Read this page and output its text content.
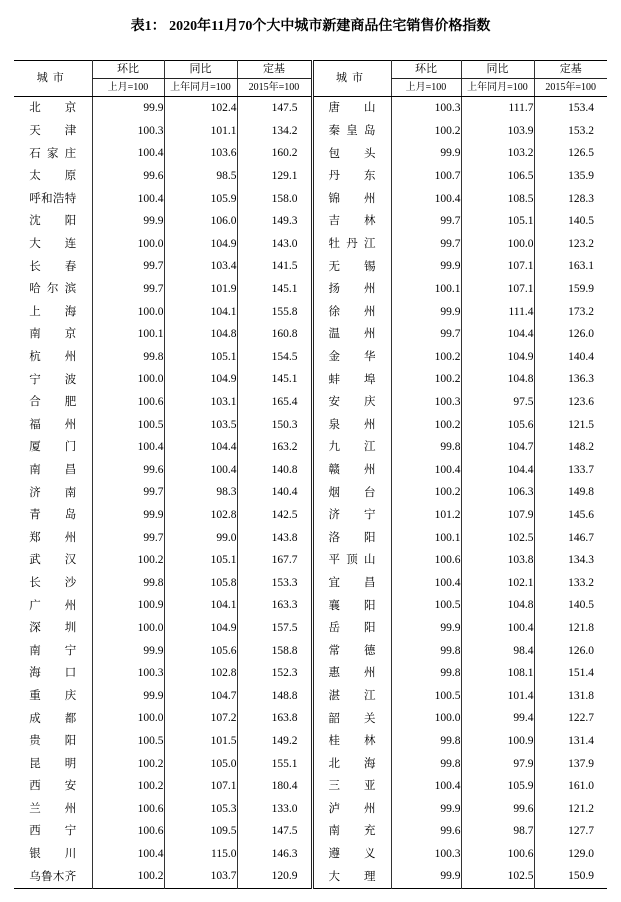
表1： 2020年11月70个大中城市新建商品住宅销售价格指数
城市	环比	同比	定基	城市	环比	同比	定基
	上月=100	上年同月=100	2015年=100		上月=100	上年同月=100	2015年=100
北京	99.9	102.4	147.5	唐山	100.3	111.7	153.4
天津	100.3	101.1	134.2	秦皇岛	100.2	103.9	153.2
石家庄	100.4	103.6	160.2	包头	99.9	103.2	126.5
太原	99.6	98.5	129.1	丹东	100.7	106.5	135.9
呼和浩特	100.4	105.9	158.0	锦州	100.4	108.5	128.3
沈阳	99.9	106.0	149.3	吉林	99.7	105.1	140.5
大连	100.0	104.9	143.0	牡丹江	99.7	100.0	123.2
长春	99.7	103.4	141.5	无锡	99.9	107.1	163.1
哈尔滨	99.7	101.9	145.1	扬州	100.1	107.1	159.9
上海	100.0	104.1	155.8	徐州	99.9	111.4	173.2
南京	100.1	104.8	160.8	温州	99.7	104.4	126.0
杭州	99.8	105.1	154.5	金华	100.2	104.9	140.4
宁波	100.0	104.9	145.1	蚌埠	100.2	104.8	136.3
合肥	100.6	103.1	165.4	安庆	100.3	97.5	123.6
福州	100.5	103.5	150.3	泉州	100.2	105.6	121.5
厦门	100.4	104.4	163.2	九江	99.8	104.7	148.2
南昌	99.6	100.4	140.8	赣州	100.4	104.4	133.7
济南	99.7	98.3	140.4	烟台	100.2	106.3	149.8
青岛	99.9	102.8	142.5	济宁	101.2	107.9	145.6
郑州	99.7	99.0	143.8	洛阳	100.1	102.5	146.7
武汉	100.2	105.1	167.7	平顶山	100.6	103.8	134.3
长沙	99.8	105.8	153.3	宜昌	100.4	102.1	133.2
广州	100.9	104.1	163.3	襄阳	100.5	104.8	140.5
深圳	100.0	104.9	157.5	岳阳	99.9	100.4	121.8
南宁	99.9	105.6	158.8	常德	99.8	98.4	126.0
海口	100.3	102.8	152.3	惠州	99.8	108.1	151.4
重庆	99.9	104.7	148.8	湛江	100.5	101.4	131.8
成都	100.0	107.2	163.8	韶关	100.0	99.4	122.7
贵阳	100.5	101.5	149.2	桂林	99.8	100.9	131.4
昆明	100.2	105.0	155.1	北海	99.8	97.9	137.9
西安	100.2	107.1	180.4	三亚	100.4	105.9	161.0
兰州	100.6	105.3	133.0	泸州	99.9	99.6	121.2
西宁	100.6	109.5	147.5	南充	99.6	98.7	127.7
银川	100.4	115.0	146.3	遵义	100.3	100.6	129.0
乌鲁木齐	100.2	103.7	120.9	大理	99.9	102.5	150.9
